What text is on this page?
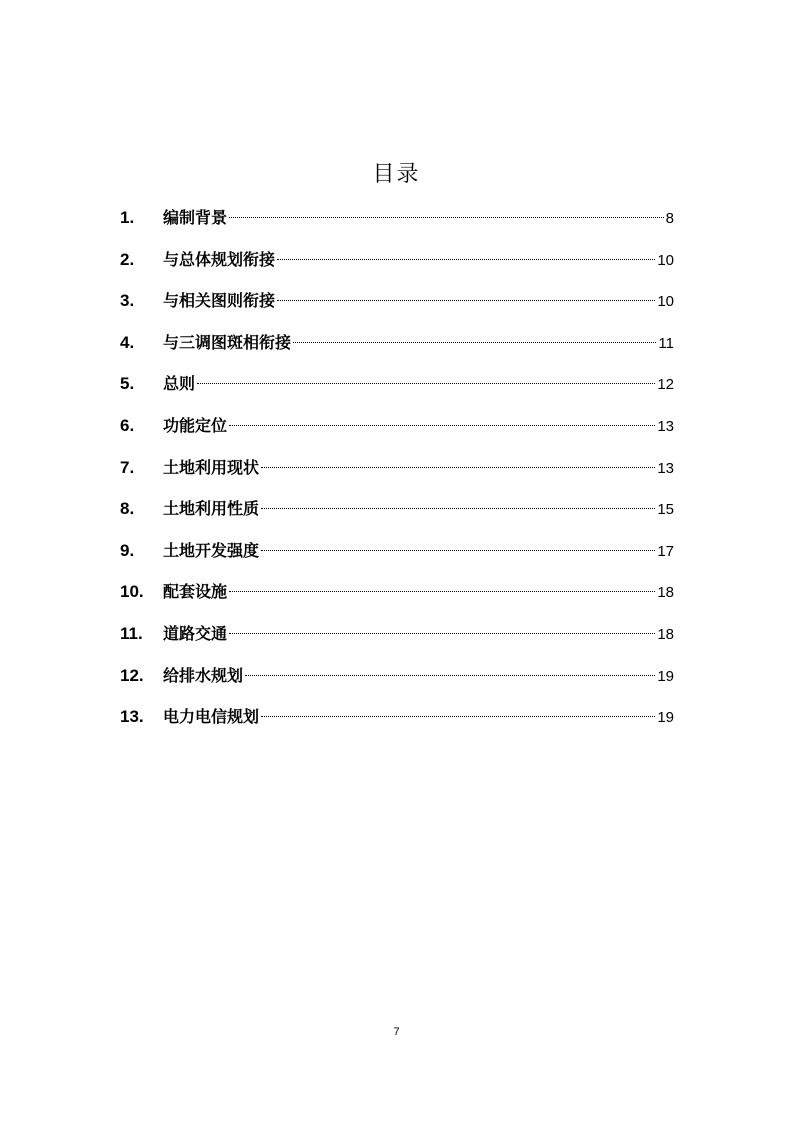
目录
1.	编制背景	8
2.	与总体规划衔接	10
3.	与相关图则衔接	10
4.	与三调图斑相衔接	11
5.	总则	12
6.	功能定位	13
7.	土地利用现状	13
8.	土地利用性质	15
9.	土地开发强度	17
10.	配套设施	18
11.	道路交通	18
12.	给排水规划	19
13.	电力电信规划	19
7
